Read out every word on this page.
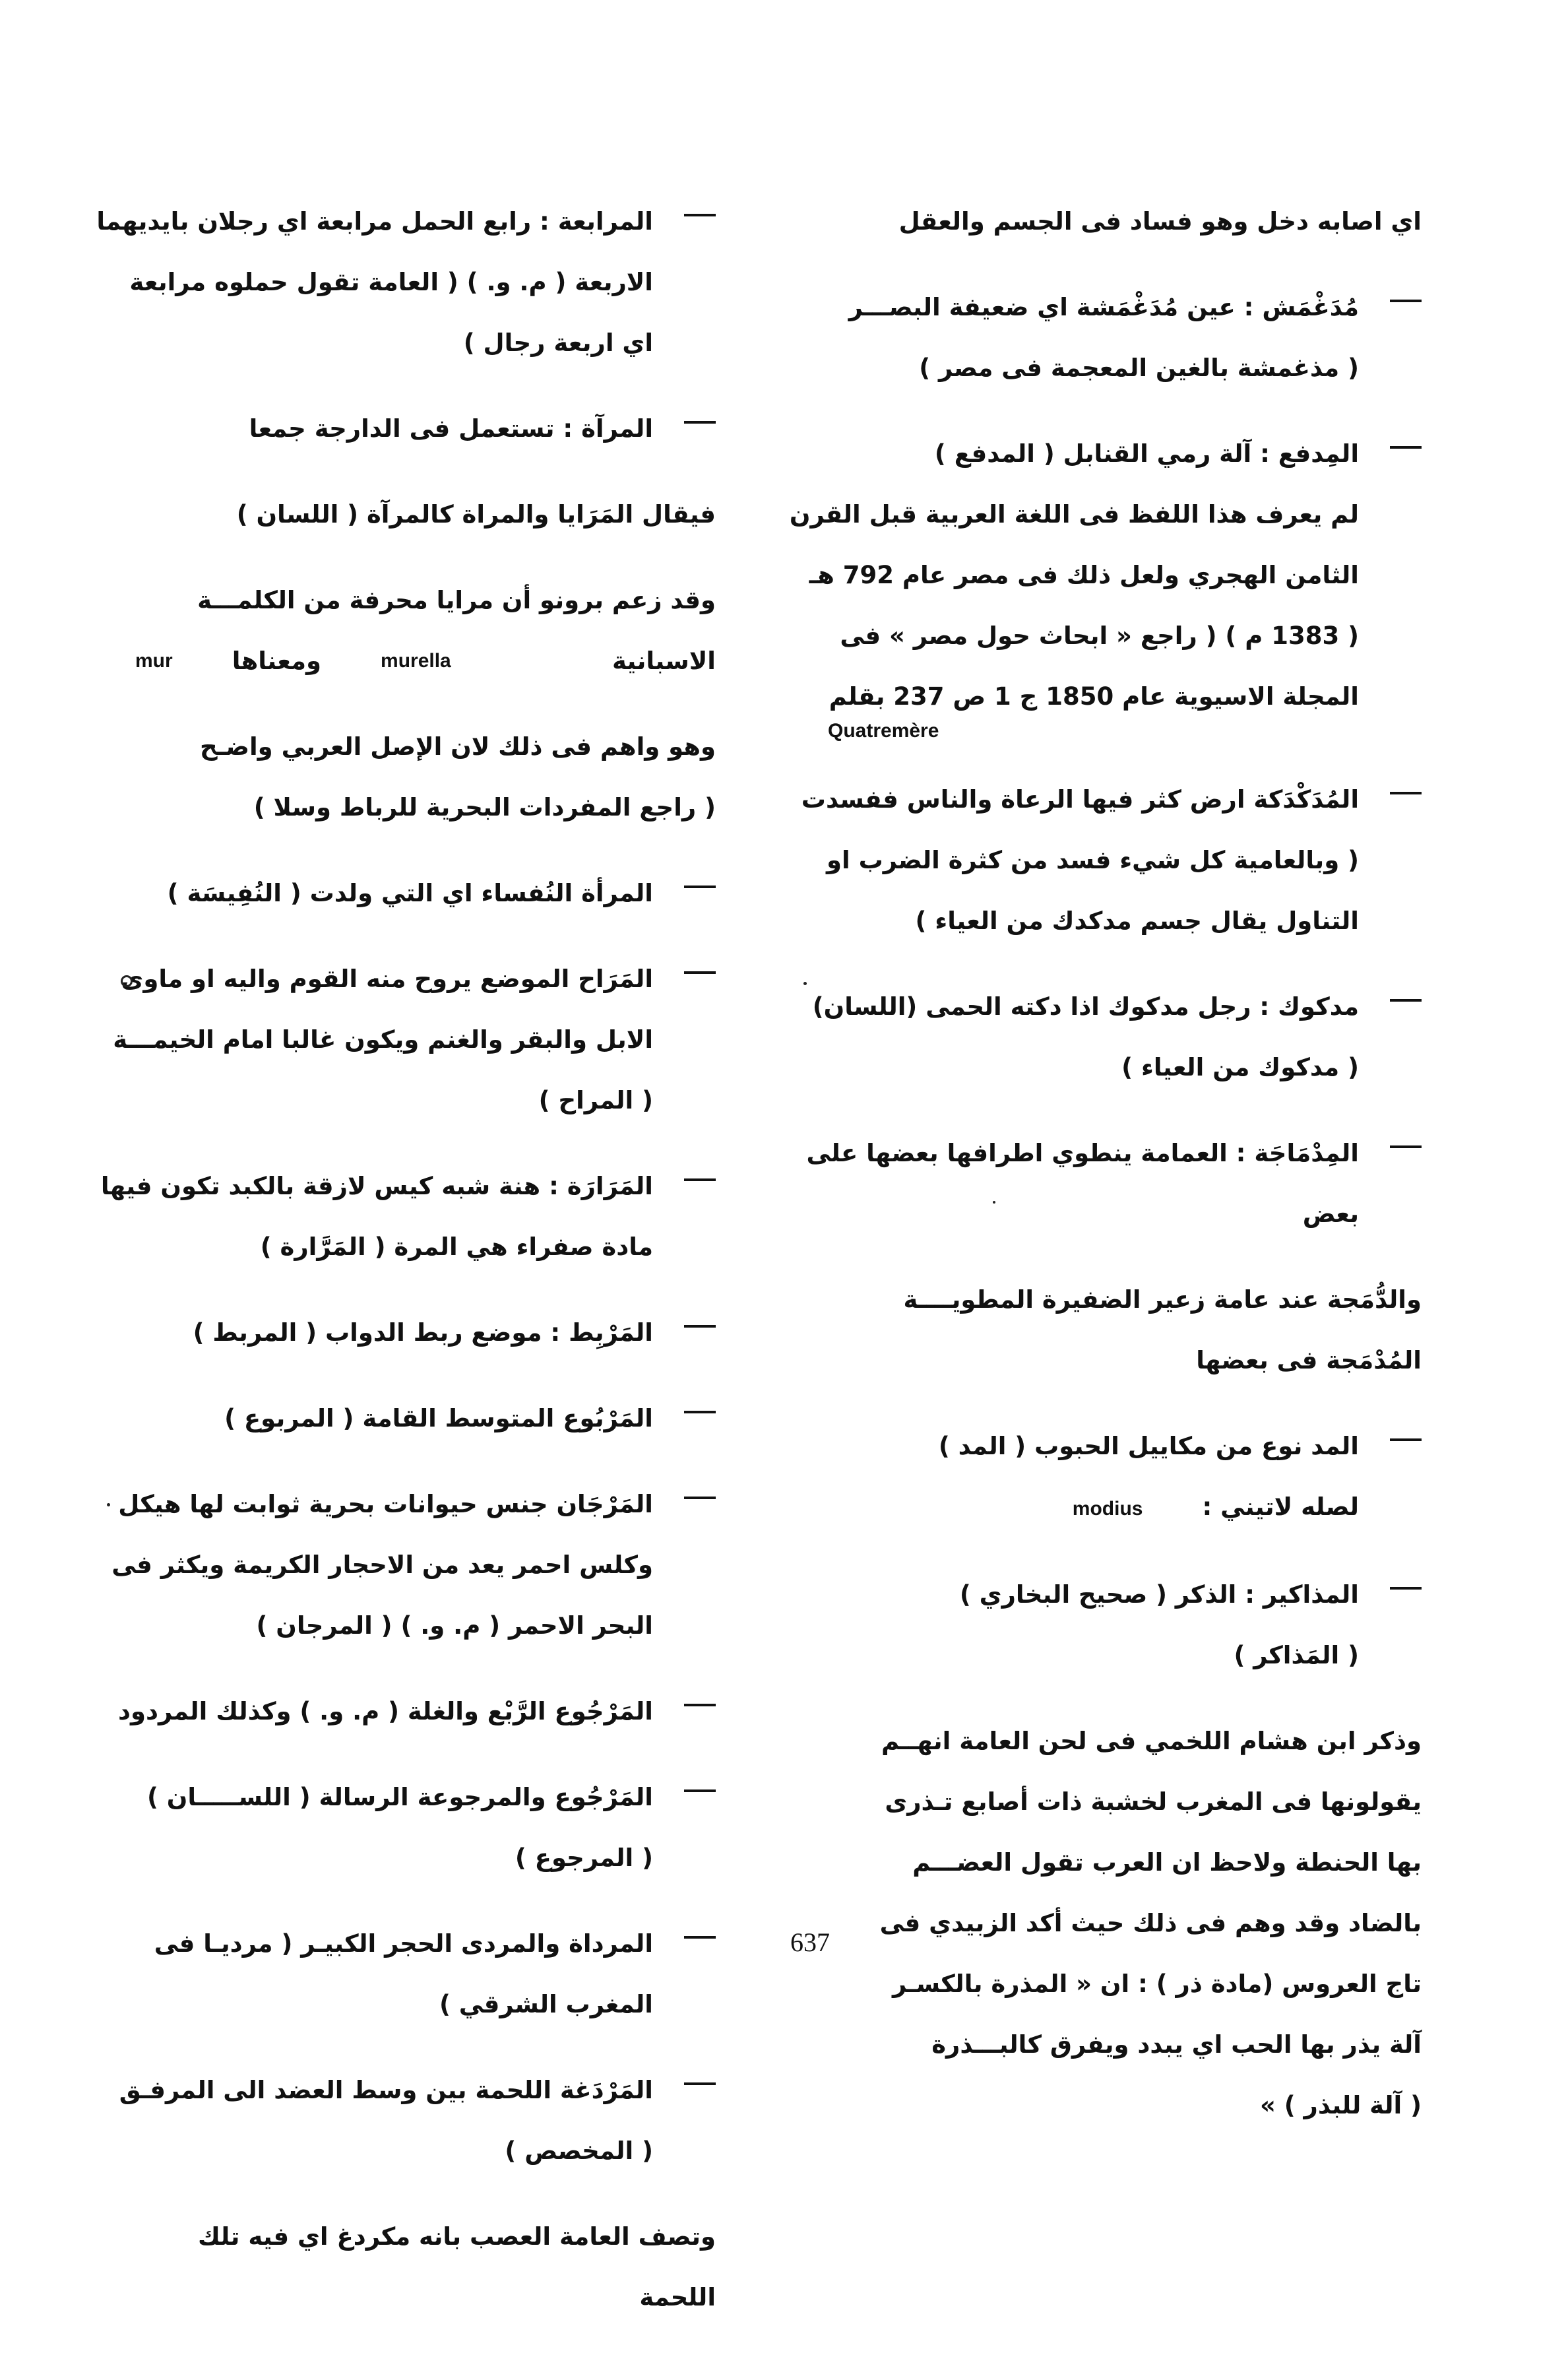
اي اصابه دخل وهو فساد فى الجسم والعقل
مُدَغْمَش : عين مُدَغْمَشة اي ضعيفة البصـــر
( مذغمشة بالغين المعجمة فى مصر )
المِدفع : آلة رمي القنابل ( المدفع )
لم يعرف هذا اللفظ فى اللغة العربية قبل القرن
الثامن الهجري ولعل ذلك فى مصر عام 792 هـ
( 1383 م ) ( راجع « ابحاث حول مصر » فى
المجلة الاسيوية عام 1850 ج 1 ص 237 بقلم
Quatremère
المُدَكْدَكة ارض كثر فيها الرعاة والناس ففسدت
( وبالعامية كل شيء فسد من كثرة الضرب او
التناول يقال جسم مدكدك من العياء )
مدكوك : رجل مدكوك اذا دكته الحمى (اللسان)
( مدكوك من العياء )
المِدْمَاجَة : العمامة ينطوي اطرافها بعضها على
بعض
والدُّمَجة عند عامة زعير الضفيرة المطويــــة
المُدْمَجة فى بعضها
المد نوع من مكاييل الحبوب ( المد )
لصله لاتيني :modius
المذاكير : الذكر ( صحيح البخاري )
( المَذاكر )
وذكر ابن هشام اللخمي فى لحن العامة انهــم
يقولونها فى المغرب لخشبة ذات أصابع تـذرى
بها الحنطة ولاحظ ان العرب تقول العضـــم
بالضاد وقد وهم فى ذلك حيث أكد الزبيدي فى
تاج العروس (مادة ذر ) : ان « المذرة بالكسـر
آلة يذر بها الحب اي يبدد ويفرق كالبـــذرة
( آلة للبذر ) »
المرابعة : رابع الحمل مرابعة اي رجلان بايديهما
الاربعة ( م. و. ) ( العامة تقول حملوه مرابعة
اي اربعة رجال )
المرآة : تستعمل فى الدارجة جمعا
فيقال المَرَايا والمراة كالمرآة ( اللسان )
وقد زعم برونو أن مرايا محرفة من الكلمـــة
الاسبانية
murella
ومعناها
mur
وهو واهم فى ذلك لان الإصل العربي واضـح
( راجع المفردات البحرية للرباط وسلا )
المرأة النُفساء اي التي ولدت ( النُفِيسَة )
المَرَاح الموضع يروح منه القوم واليه او ماوى
الابل والبقر والغنم ويكون غالبا امام الخيمـــة
( المراح )
المَرَارَة : هنة شبه كيس لازقة بالكبد تكون فيها
مادة صفراء هي المرة ( المَرَّارة )
المَرْبِط : موضع ربط الدواب ( المربط )
المَرْبُوع المتوسط القامة ( المربوع )
المَرْجَان جنس حيوانات بحرية ثوابت لها هيكل
وكلس احمر يعد من الاحجار الكريمة ويكثر فى
البحر الاحمر ( م. و. ) ( المرجان )
المَرْجُوع الرَّبْع والغلة ( م. و. ) وكذلك المردود
المَرْجُوع والمرجوعة الرسالة ( اللســـــان )
( المرجوع )
المرداة والمردى الحجر الكبيـر ( مرديـا فى
المغرب الشرقي )
المَرْدَغة اللحمة بين وسط العضد الى المرفـق
( المخصص )
وتصف العامة العصب بانه مكردغ اي فيه تلك
اللحمة
637
